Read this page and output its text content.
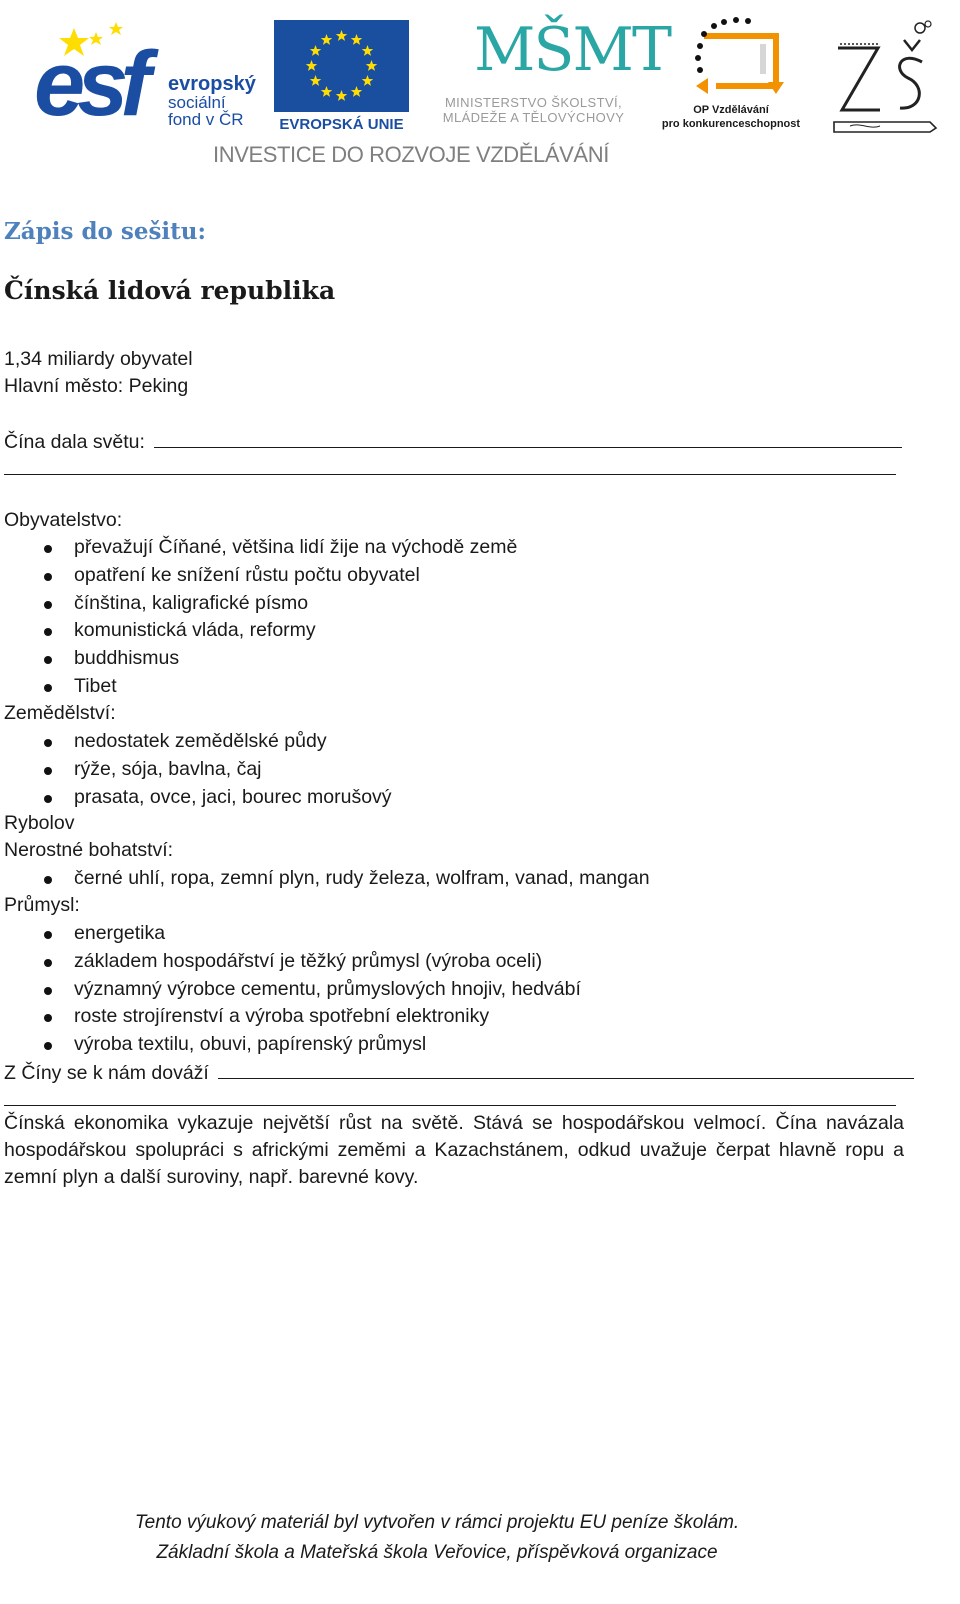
esf evropský
sociální
fond v ČR	EVROPSKÁ UNIE
MŠMT
MINISTERSTVO ŠKOLSTVÍ,
MLÁDEŽE A TĚLOVÝCHOVY	OP Vzdělávání
pro konkurenceschopnost
INVESTICE DO ROZVOJE VZDĚLÁVÁNÍ
Zápis do sešitu:
Čínská lidová republika
1,34 miliardy obyvatel
Hlavní město: Peking
Čína dala světu:
Obyvatelstvo:
převažují Číňané, většina lidí žije na východě země
opatření ke snížení růstu počtu obyvatel
čínština, kaligrafické písmo
komunistická vláda, reformy
buddhismus
Tibet
Zemědělství:
nedostatek zemědělské půdy
rýže, sója, bavlna, čaj
prasata, ovce, jaci, bourec morušový
Rybolov
Nerostné bohatství:
černé uhlí, ropa, zemní plyn, rudy železa, wolfram, vanad, mangan
Průmysl:
energetika
základem hospodářství je těžký průmysl (výroba oceli)
významný výrobce cementu, průmyslových hnojiv, hedvábí
roste strojírenství a výroba spotřební elektroniky
výroba textilu, obuvi, papírenský průmysl
Z Číny se k nám dováží

Čínská ekonomika vykazuje největší růst na světě. Stává se hospodářskou velmocí. Čína navázala hospodářskou spolupráci s africkými zeměmi a Kazachstánem, odkud uvažuje čerpat hlavně ropu a zemní plyn a další suroviny, např. barevné kovy.

Tento výukový materiál byl vytvořen v rámci projektu EU peníze školám.
Základní škola a Mateřská škola Veřovice, příspěvková organizace
